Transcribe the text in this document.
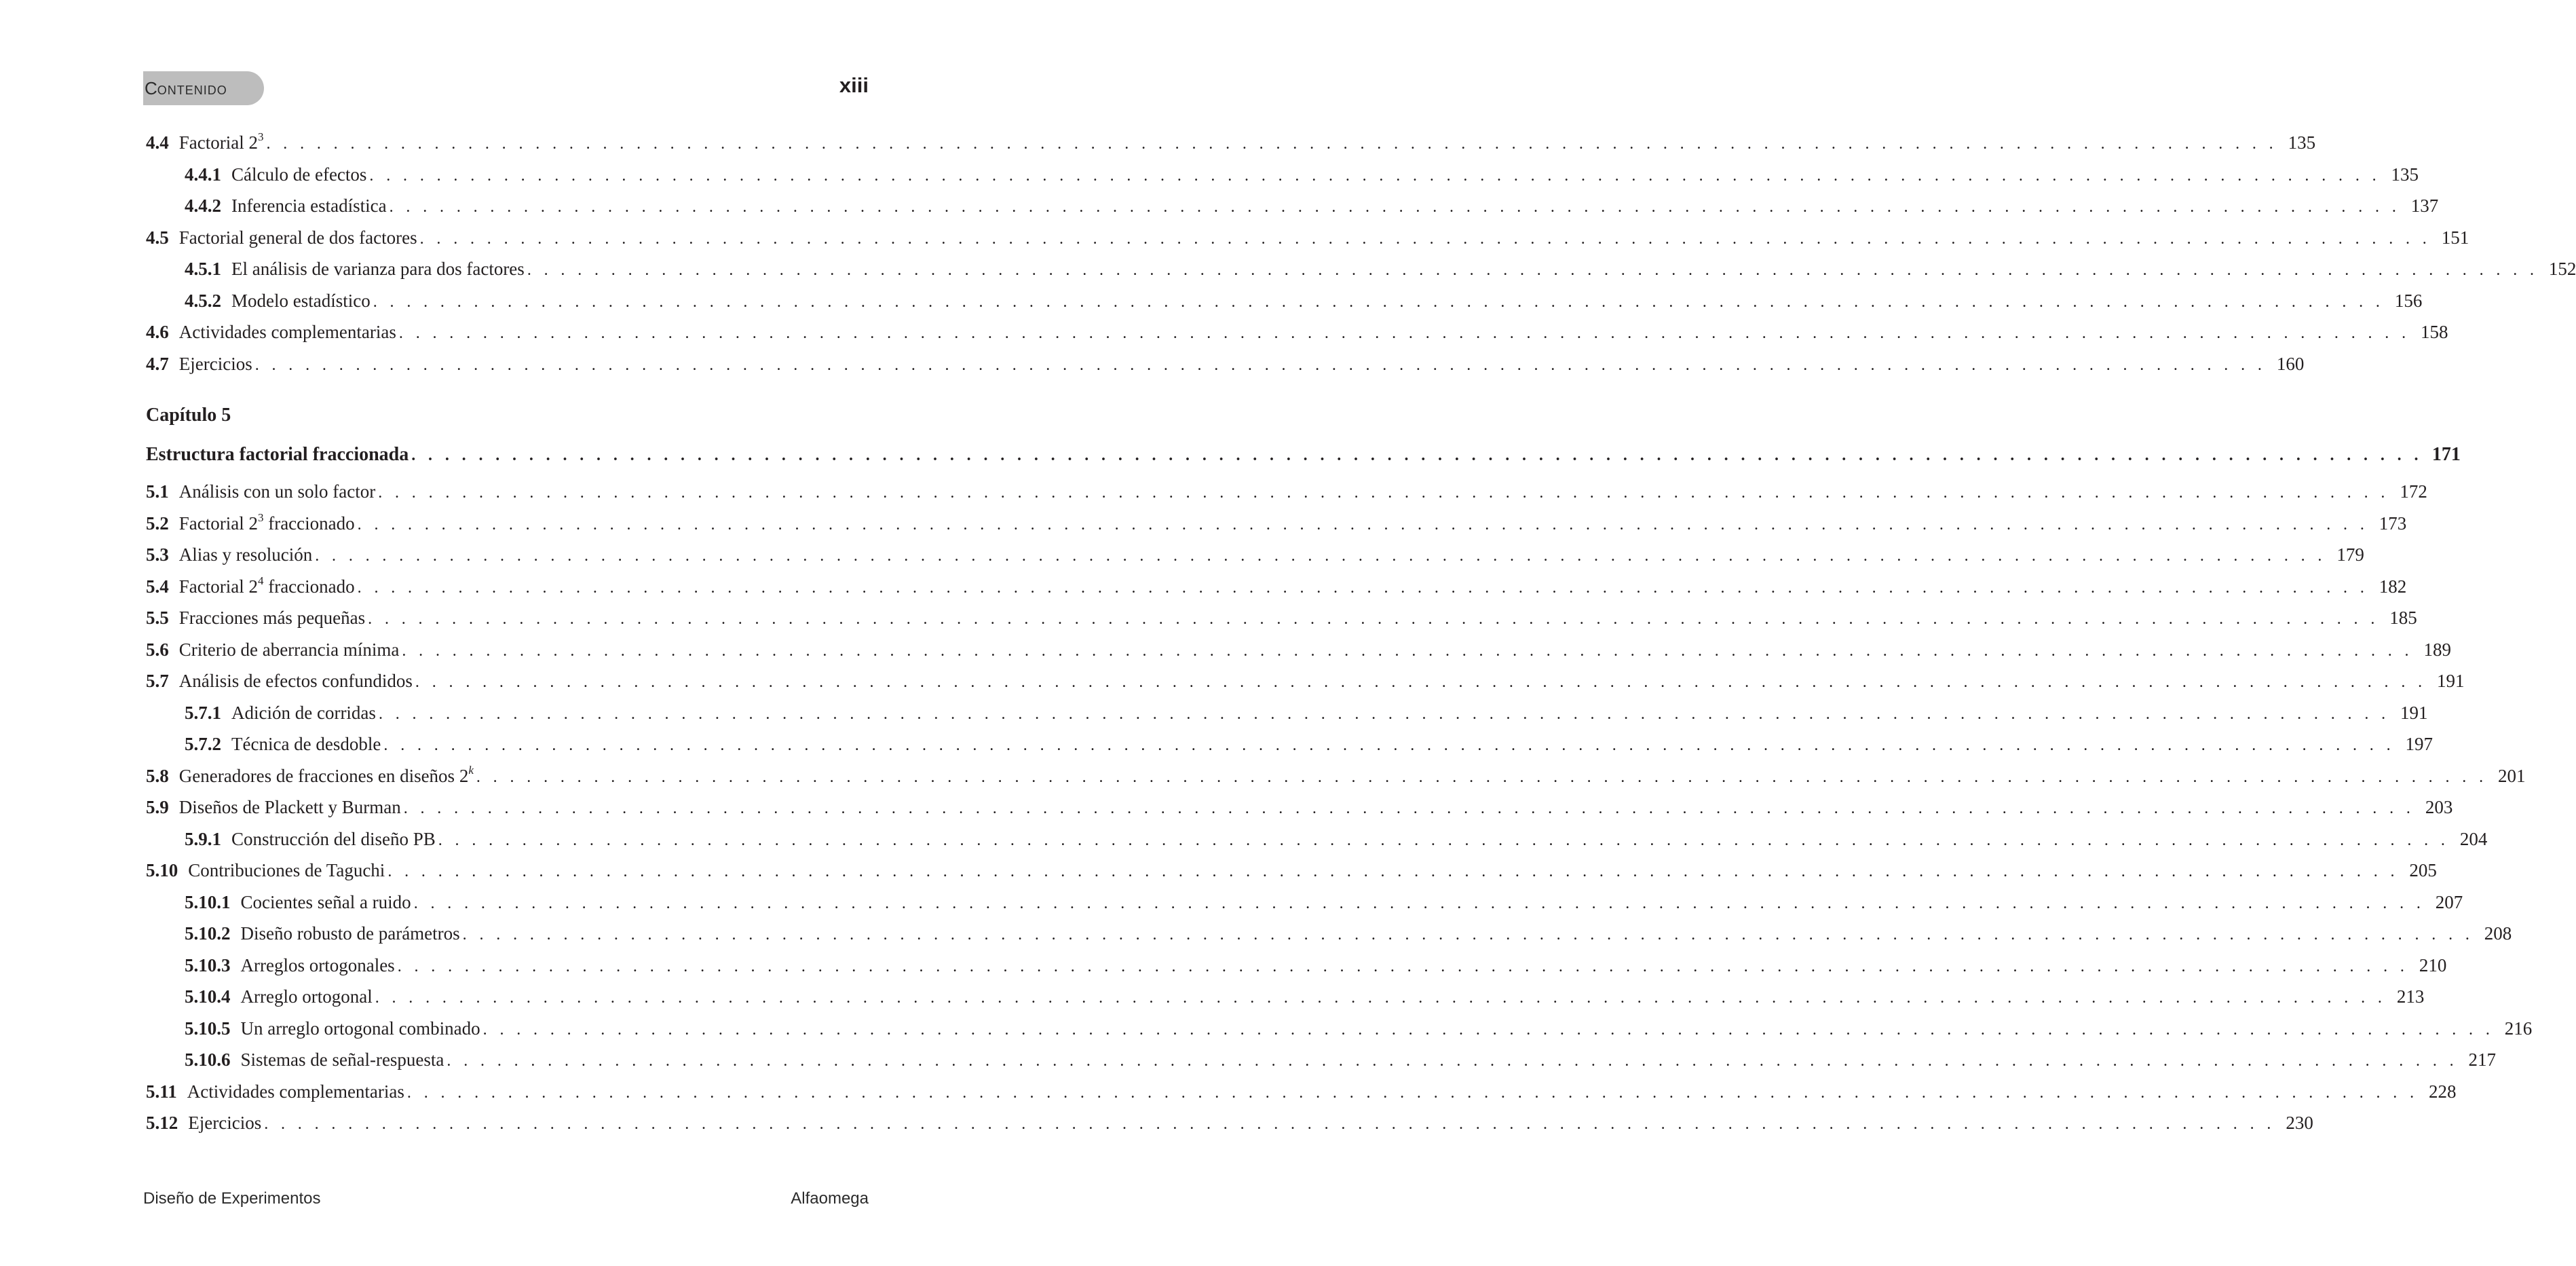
CONTENIDO	xiii
4.4 Factorial $2^3$ . . . . . . . . . . . . . . . . . . . . . . . . . . . . . . . . . . . . . . . . . . . . . . . . . . . . . . . . . . . . . . . . . . . . . . . . . . . . . . . . . . . . . . . . . . . . . . . . . . . . . . . . . . . . . . . . . . . . . . . . 135
4.4.1 Cálculo de efectos . . . . . . . . . . . . . . . . . . . . . . . . . . . . . . . . . . . . . . . . . . . . . . . . . . . . . . . . . . . . . . . . . . . . . . . . . . . . . . . . . . . . . . . . . . . . . . . . . . . . . . . . . . . . . . . . . . . . . . . . 135
4.4.2 Inferencia estadística . . . . . . . . . . . . . . . . . . . . . . . . . . . . . . . . . . . . . . . . . . . . . . . . . . . . . . . . . . . . . . . . . . . . . . . . . . . . . . . . . . . . . . . . . . . . . . . . . . . . . . . . . . . . . . . . . . . . . . . . 137
4.5 Factorial general de dos factores . . . . . . . . . . . . . . . . . . . . . . . . . . . . . . . . . . . . . . . . . . . . . . . . . . . . . . . . . . . . . . . . . . . . . . . . . . . . . . . . . . . . . . . . . . . . . . . . . . . . . . . . . . . . . . . . . . . . . . . . 151
4.5.1 El análisis de varianza para dos factores . . . . . . . . . . . . . . . . . . . . . . . . . . . . . . . . . . . . . . . . . . . . . . . . . . . . . . . . . . . . . . . . . . . . . . . . . . . . . . . . . . . . . . . . . . . . . . . . . . . . . . . . . . . . . . . . . . . . . . . . 152
4.5.2 Modelo estadístico . . . . . . . . . . . . . . . . . . . . . . . . . . . . . . . . . . . . . . . . . . . . . . . . . . . . . . . . . . . . . . . . . . . . . . . . . . . . . . . . . . . . . . . . . . . . . . . . . . . . . . . . . . . . . . . . . . . . . . . . 156
4.6 Actividades complementarias . . . . . . . . . . . . . . . . . . . . . . . . . . . . . . . . . . . . . . . . . . . . . . . . . . . . . . . . . . . . . . . . . . . . . . . . . . . . . . . . . . . . . . . . . . . . . . . . . . . . . . . . . . . . . . . . . . . . . . . . 158
4.7 Ejercicios . . . . . . . . . . . . . . . . . . . . . . . . . . . . . . . . . . . . . . . . . . . . . . . . . . . . . . . . . . . . . . . . . . . . . . . . . . . . . . . . . . . . . . . . . . . . . . . . . . . . . . . . . . . . . . . . . . . . . . . . 160
Capítulo 5
Estructura factorial fraccionada . . . . . . . . . . . . . . . . . . . . . . . . . . . . . . . . . . . . . . . . . . . . . . . . . . . . . . . . . . . . . . . . . . . . . . . . . . . . . . . . . . . . . . . . . . . . . . . . . . . . . . . . . . . . . . . . . . . . . . . . 171
5.1 Análisis con un solo factor . . . . . . . . . . . . . . . . . . . . . . . . . . . . . . . . . . . . . . . . . . . . . . . . . . . . . . . . . . . . . . . . . . . . . . . . . . . . . . . . . . . . . . . . . . . . . . . . . . . . . . . . . . . . . . . . . . . . . . . . 172
5.2 Factorial $2^3$ fraccionado . . . . . . . . . . . . . . . . . . . . . . . . . . . . . . . . . . . . . . . . . . . . . . . . . . . . . . . . . . . . . . . . . . . . . . . . . . . . . . . . . . . . . . . . . . . . . . . . . . . . . . . . . . . . . . . . . . . . . . . . 173
5.3 Alias y resolución . . . . . . . . . . . . . . . . . . . . . . . . . . . . . . . . . . . . . . . . . . . . . . . . . . . . . . . . . . . . . . . . . . . . . . . . . . . . . . . . . . . . . . . . . . . . . . . . . . . . . . . . . . . . . . . . . . . . . . . . 179
5.4 Factorial $2^4$ fraccionado . . . . . . . . . . . . . . . . . . . . . . . . . . . . . . . . . . . . . . . . . . . . . . . . . . . . . . . . . . . . . . . . . . . . . . . . . . . . . . . . . . . . . . . . . . . . . . . . . . . . . . . . . . . . . . . . . . . . . . . . 182
5.5 Fracciones más pequeñas . . . . . . . . . . . . . . . . . . . . . . . . . . . . . . . . . . . . . . . . . . . . . . . . . . . . . . . . . . . . . . . . . . . . . . . . . . . . . . . . . . . . . . . . . . . . . . . . . . . . . . . . . . . . . . . . . . . . . . . . 185
5.6 Criterio de aberrancia mínima . . . . . . . . . . . . . . . . . . . . . . . . . . . . . . . . . . . . . . . . . . . . . . . . . . . . . . . . . . . . . . . . . . . . . . . . . . . . . . . . . . . . . . . . . . . . . . . . . . . . . . . . . . . . . . . . . . . . . . . . 189
5.7 Análisis de efectos confundidos . . . . . . . . . . . . . . . . . . . . . . . . . . . . . . . . . . . . . . . . . . . . . . . . . . . . . . . . . . . . . . . . . . . . . . . . . . . . . . . . . . . . . . . . . . . . . . . . . . . . . . . . . . . . . . . . . . . . . . . . 191
5.7.1 Adición de corridas . . . . . . . . . . . . . . . . . . . . . . . . . . . . . . . . . . . . . . . . . . . . . . . . . . . . . . . . . . . . . . . . . . . . . . . . . . . . . . . . . . . . . . . . . . . . . . . . . . . . . . . . . . . . . . . . . . . . . . . . 191
5.7.2 Técnica de desdoble . . . . . . . . . . . . . . . . . . . . . . . . . . . . . . . . . . . . . . . . . . . . . . . . . . . . . . . . . . . . . . . . . . . . . . . . . . . . . . . . . . . . . . . . . . . . . . . . . . . . . . . . . . . . . . . . . . . . . . . . 197
5.8 Generadores de fracciones en diseños 2$^k$ . . . . . . . . . . . . . . . . . . . . . . . . . . . . . . . . . . . . . . . . . . . . . . . . . . . . . . . . . . . . . . . . . . . . . . . . . . . . . . . . . . . . . . . . . . . . . . . . . . . . . . . . . . . . . . . . . . . . . . . . 201
5.9 Diseños de Plackett y Burman . . . . . . . . . . . . . . . . . . . . . . . . . . . . . . . . . . . . . . . . . . . . . . . . . . . . . . . . . . . . . . . . . . . . . . . . . . . . . . . . . . . . . . . . . . . . . . . . . . . . . . . . . . . . . . . . . . . . . . . . 203
5.9.1 Construcción del diseño PB . . . . . . . . . . . . . . . . . . . . . . . . . . . . . . . . . . . . . . . . . . . . . . . . . . . . . . . . . . . . . . . . . . . . . . . . . . . . . . . . . . . . . . . . . . . . . . . . . . . . . . . . . . . . . . . . . . . . . . . . 204
5.10 Contribuciones de Taguchi . . . . . . . . . . . . . . . . . . . . . . . . . . . . . . . . . . . . . . . . . . . . . . . . . . . . . . . . . . . . . . . . . . . . . . . . . . . . . . . . . . . . . . . . . . . . . . . . . . . . . . . . . . . . . . . . . . . . . . . . 205
5.10.1 Cocientes señal a ruido . . . . . . . . . . . . . . . . . . . . . . . . . . . . . . . . . . . . . . . . . . . . . . . . . . . . . . . . . . . . . . . . . . . . . . . . . . . . . . . . . . . . . . . . . . . . . . . . . . . . . . . . . . . . . . . . . . . . . . . . 207
5.10.2 Diseño robusto de parámetros . . . . . . . . . . . . . . . . . . . . . . . . . . . . . . . . . . . . . . . . . . . . . . . . . . . . . . . . . . . . . . . . . . . . . . . . . . . . . . . . . . . . . . . . . . . . . . . . . . . . . . . . . . . . . . . . . . . . . . . . 208
5.10.3 Arreglos ortogonales . . . . . . . . . . . . . . . . . . . . . . . . . . . . . . . . . . . . . . . . . . . . . . . . . . . . . . . . . . . . . . . . . . . . . . . . . . . . . . . . . . . . . . . . . . . . . . . . . . . . . . . . . . . . . . . . . . . . . . . . 210
5.10.4 Arreglo ortogonal . . . . . . . . . . . . . . . . . . . . . . . . . . . . . . . . . . . . . . . . . . . . . . . . . . . . . . . . . . . . . . . . . . . . . . . . . . . . . . . . . . . . . . . . . . . . . . . . . . . . . . . . . . . . . . . . . . . . . . . . 213
5.10.5 Un arreglo ortogonal combinado . . . . . . . . . . . . . . . . . . . . . . . . . . . . . . . . . . . . . . . . . . . . . . . . . . . . . . . . . . . . . . . . . . . . . . . . . . . . . . . . . . . . . . . . . . . . . . . . . . . . . . . . . . . . . . . . . . . . . . . . 216
5.10.6 Sistemas de señal-respuesta . . . . . . . . . . . . . . . . . . . . . . . . . . . . . . . . . . . . . . . . . . . . . . . . . . . . . . . . . . . . . . . . . . . . . . . . . . . . . . . . . . . . . . . . . . . . . . . . . . . . . . . . . . . . . . . . . . . . . . . . 217
5.11 Actividades complementarias . . . . . . . . . . . . . . . . . . . . . . . . . . . . . . . . . . . . . . . . . . . . . . . . . . . . . . . . . . . . . . . . . . . . . . . . . . . . . . . . . . . . . . . . . . . . . . . . . . . . . . . . . . . . . . . . . . . . . . . . 228
5.12 Ejercicios . . . . . . . . . . . . . . . . . . . . . . . . . . . . . . . . . . . . . . . . . . . . . . . . . . . . . . . . . . . . . . . . . . . . . . . . . . . . . . . . . . . . . . . . . . . . . . . . . . . . . . . . . . . . . . . . . . . . . . . . 230
Diseño de Experimentos	Alfaomega
